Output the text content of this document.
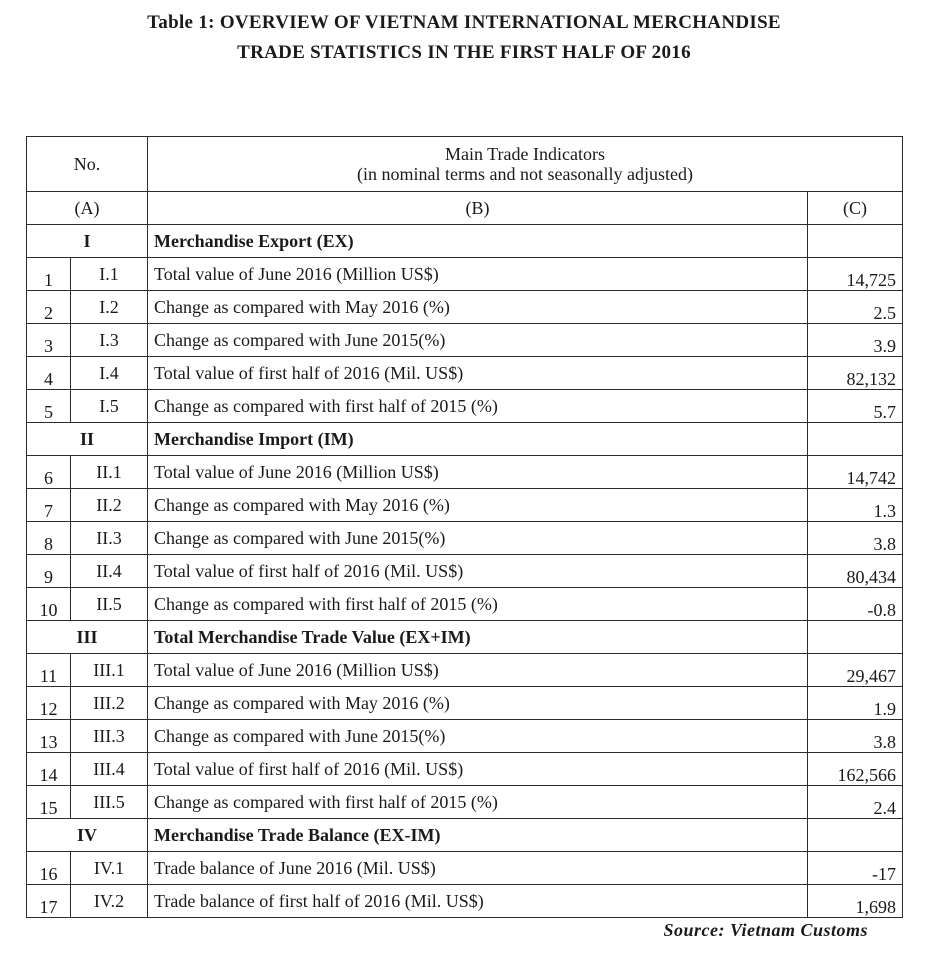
Table 1: OVERVIEW OF VIETNAM INTERNATIONAL MERCHANDISE
TRADE STATISTICS IN THE FIRST HALF OF 2016
No.		Main Trade Indicators
(in nominal terms and not seasonally adjusted)	

(A)		(B)	(C)
I		Merchandise Export (EX)	
1	I.1	Total value of June 2016 (Million US$)	14,725
2	I.2	Change as compared with May 2016 (%)	2.5
3	I.3	Change as compared with June 2015(%)	3.9
4	I.4	Total value of first half of 2016 (Mil. US$)	82,132
5	I.5	Change as compared with first half of 2015 (%)	5.7
II		Merchandise Import (IM)	
6	II.1	Total value of June 2016 (Million US$)	14,742
7	II.2	Change as compared with May 2016 (%)	1.3
8	II.3	Change as compared with June 2015(%)	3.8
9	II.4	Total value of first half of 2016 (Mil. US$)	80,434
10	II.5	Change as compared with first half of 2015 (%)	-0.8
III		Total Merchandise Trade Value (EX+IM)	
11	III.1	Total value of June 2016 (Million US$)	29,467
12	III.2	Change as compared with May 2016 (%)	1.9
13	III.3	Change as compared with June 2015(%)	3.8
14	III.4	Total value of first half of 2016 (Mil. US$)	162,566
15	III.5	Change as compared with first half of 2015 (%)	2.4
IV		Merchandise Trade Balance (EX-IM)	
16	IV.1	Trade balance of June 2016 (Mil. US$)	-17
17	IV.2	Trade balance of first half of 2016 (Mil. US$)	1,698
Source: Vietnam Customs
